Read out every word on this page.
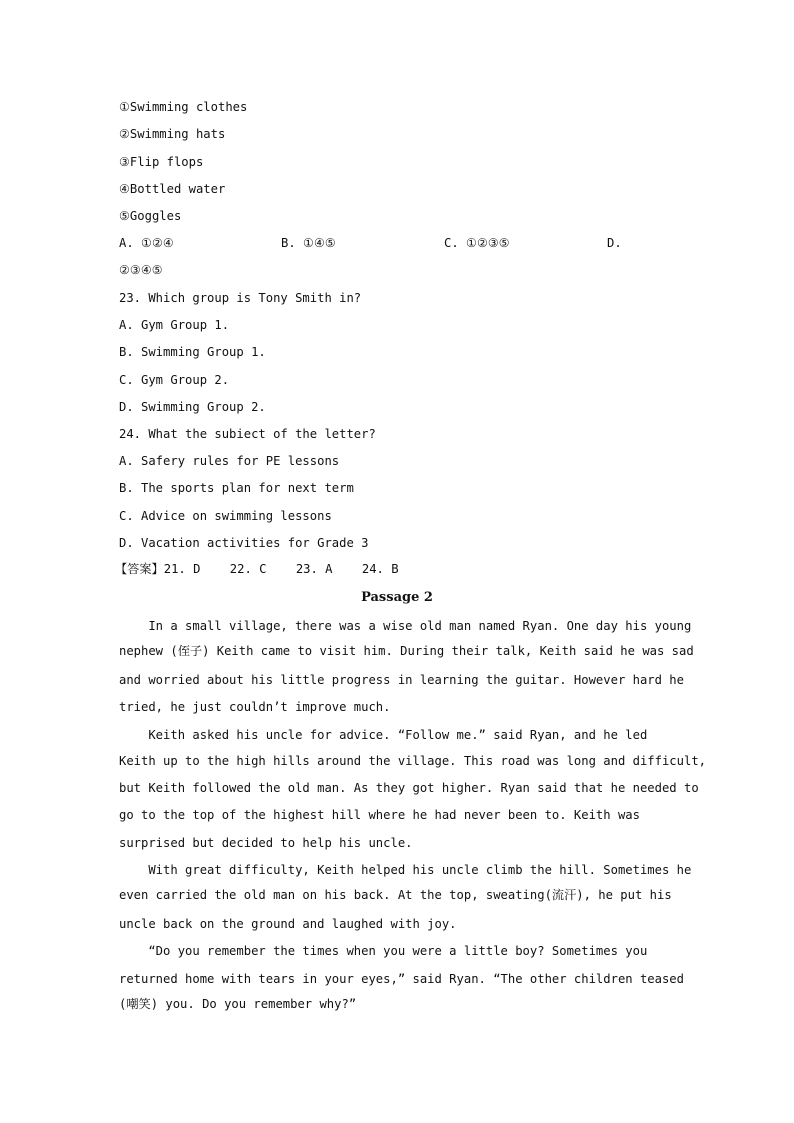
①Swimming clothes
②Swimming hats
③Flip flops
④Bottled water
⑤Goggles
A. ①②④	B. ①④⑤	C. ①②③⑤	D.
②③④⑤
23. Which group is Tony Smith in?
A. Gym Group 1.
B. Swimming Group 1.
C. Gym Group 2.
D. Swimming Group 2.
24. What the subiect of the letter?
A. Safery rules for PE lessons
B. The sports plan for next term
C. Advice on swimming lessons
D. Vacation activities for Grade 3
【答案】21. D    22. C    23. A    24. B
Passage 2
In a small village, there was a wise old man named Ryan. One day his young
nephew (侄子) Keith came to visit him. During their talk, Keith said he was sad
and worried about his little progress in learning the guitar. However hard he
tried, he just couldn’t improve much.
Keith asked his uncle for advice. “Follow me.” said Ryan, and he led
Keith up to the high hills around the village. This road was long and difficult,
but Keith followed the old man. As they got higher. Ryan said that he needed to
go to the top of the highest hill where he had never been to. Keith was
surprised but decided to help his uncle.
With great difficulty, Keith helped his uncle climb the hill. Sometimes he
even carried the old man on his back. At the top, sweating(流汗), he put his
uncle back on the ground and laughed with joy.
“Do you remember the times when you were a little boy? Sometimes you
returned home with tears in your eyes,” said Ryan. “The other children teased
(嘲笑) you. Do you remember why?”
